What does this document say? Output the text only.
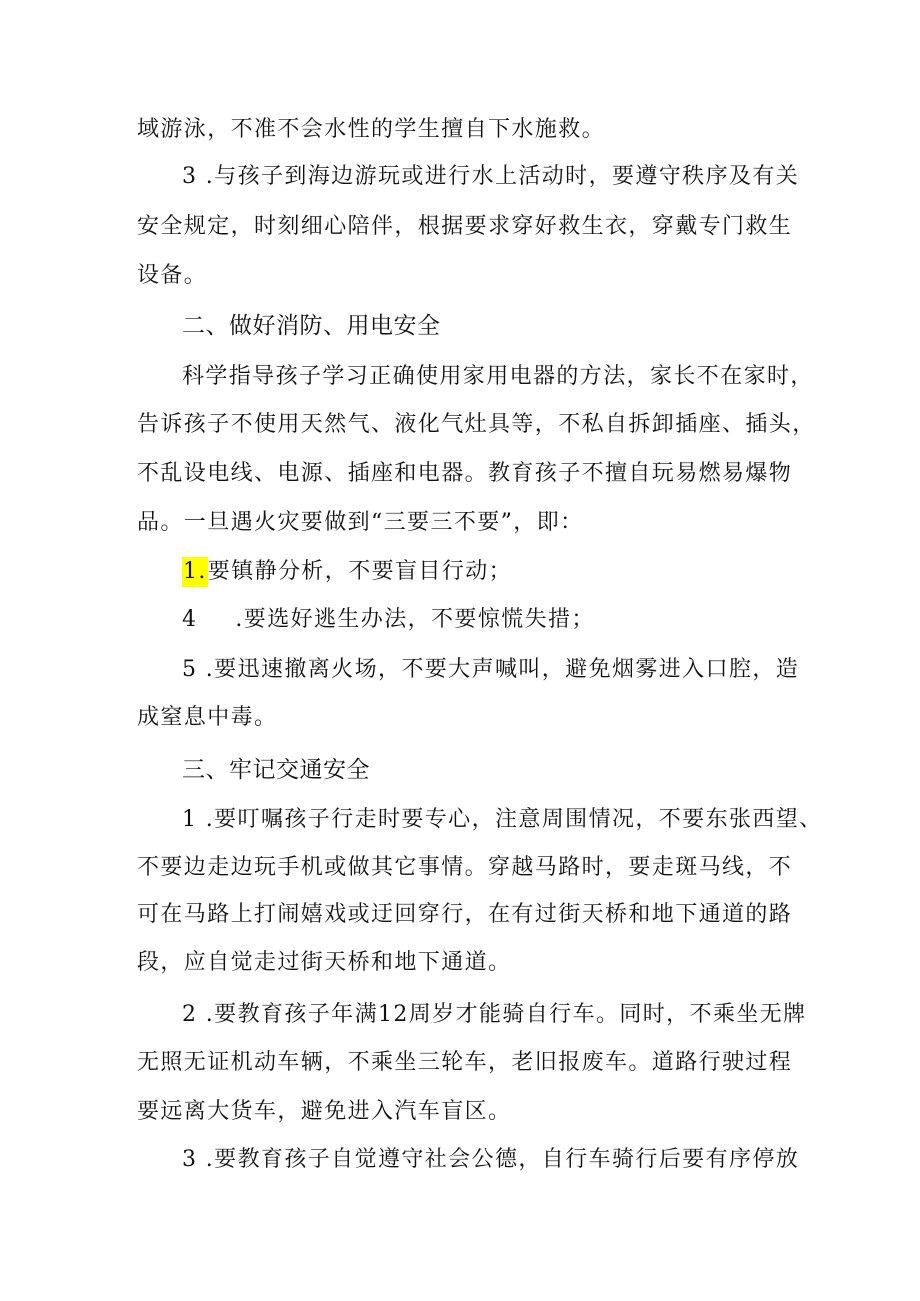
域游泳，不准不会水性的学生擅自下水施救。
3 .与孩子到海边游玩或进行水上活动时，要遵守秩序及有关
安全规定，时刻细心陪伴，根据要求穿好救生衣，穿戴专门救生
设备。
二、做好消防、用电安全
科学指导孩子学习正确使用家用电器的方法，家长不在家时，
告诉孩子不使用天然气、液化气灶具等，不私自拆卸插座、插头，
不乱设电线、电源、插座和电器。教育孩子不擅自玩易燃易爆物
品。一旦遇火灾要做到“三要三不要”，即：
1.要镇静分析，不要盲目行动；
4 .要选好逃生办法，不要惊慌失措；
5 .要迅速撤离火场，不要大声喊叫，避免烟雾进入口腔，造
成窒息中毒。
三、牢记交通安全
1 .要叮嘱孩子行走时要专心，注意周围情况，不要东张西望、
不要边走边玩手机或做其它事情。穿越马路时，要走斑马线，不
可在马路上打闹嬉戏或迂回穿行，在有过街天桥和地下通道的路
段，应自觉走过街天桥和地下通道。
2 .要教育孩子年满12周岁才能骑自行车。同时，不乘坐无牌
无照无证机动车辆，不乘坐三轮车，老旧报废车。道路行驶过程
要远离大货车，避免进入汽车盲区。
3 .要教育孩子自觉遵守社会公德，自行车骑行后要有序停放
